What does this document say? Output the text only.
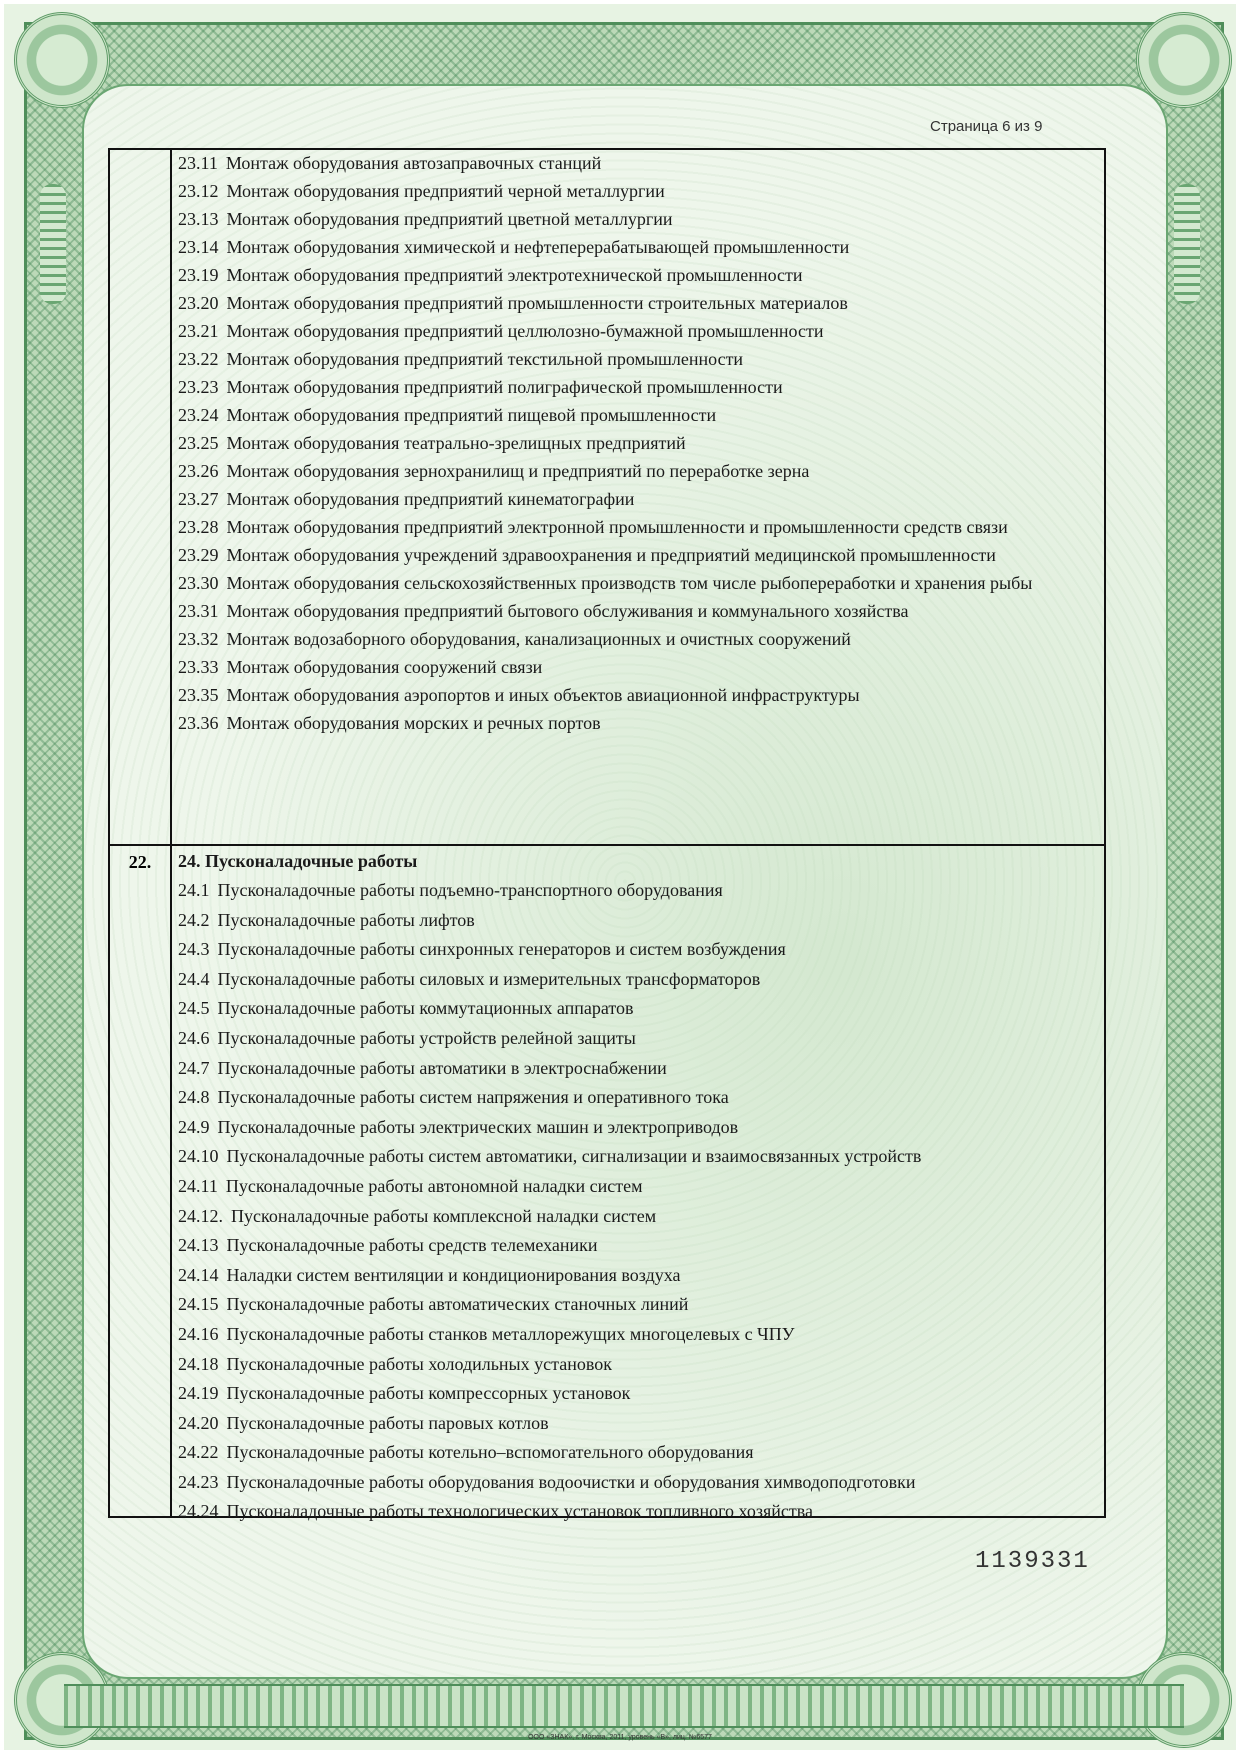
Страница 6 из 9
23.11 Монтаж оборудования автозаправочных станций
23.12 Монтаж оборудования предприятий черной металлургии
23.13 Монтаж оборудования предприятий цветной металлургии
23.14 Монтаж оборудования химической и нефтеперерабатывающей промышленности
23.19 Монтаж оборудования предприятий электротехнической промышленности
23.20 Монтаж оборудования предприятий промышленности строительных материалов
23.21 Монтаж оборудования предприятий целлюлозно-бумажной промышленности
23.22 Монтаж оборудования предприятий текстильной промышленности
23.23 Монтаж оборудования предприятий полиграфической промышленности
23.24 Монтаж оборудования предприятий пищевой промышленности
23.25 Монтаж оборудования театрально-зрелищных предприятий
23.26 Монтаж оборудования зернохранилищ и предприятий по переработке зерна
23.27 Монтаж оборудования предприятий кинематографии
23.28 Монтаж оборудования предприятий электронной промышленности и промышленности средств связи
23.29 Монтаж оборудования учреждений здравоохранения и предприятий медицинской промышленности
23.30 Монтаж оборудования сельскохозяйственных производств том числе рыбопереработки и хранения рыбы
23.31 Монтаж оборудования предприятий бытового обслуживания и коммунального хозяйства
23.32 Монтаж водозаборного оборудования, канализационных и очистных сооружений
23.33 Монтаж оборудования сооружений связи
23.35 Монтаж оборудования аэропортов и иных объектов авиационной инфраструктуры
23.36 Монтаж оборудования морских и речных портов
22.	24. Пусконаладочные работы
24.1 Пусконаладочные работы подъемно-транспортного оборудования
24.2 Пусконаладочные работы лифтов
24.3 Пусконаладочные работы синхронных генераторов и систем возбуждения
24.4 Пусконаладочные работы силовых и измерительных трансформаторов
24.5 Пусконаладочные работы коммутационных аппаратов
24.6 Пусконаладочные работы устройств релейной защиты
24.7 Пусконаладочные работы автоматики в электроснабжении
24.8 Пусконаладочные работы систем напряжения и оперативного тока
24.9 Пусконаладочные работы электрических машин и электроприводов
24.10 Пусконаладочные работы систем автоматики, сигнализации и взаимосвязанных устройств
24.11 Пусконаладочные работы автономной наладки систем
24.12. Пусконаладочные работы комплексной наладки систем
24.13 Пусконаладочные работы средств телемеханики
24.14 Наладки систем вентиляции и кондиционирования воздуха
24.15 Пусконаладочные работы автоматических станочных линий
24.16 Пусконаладочные работы станков металлорежущих многоцелевых с ЧПУ
24.18 Пусконаладочные работы холодильных установок
24.19 Пусконаладочные работы компрессорных установок
24.20 Пусконаладочные работы паровых котлов
24.22 Пусконаладочные работы котельно–вспомогательного оборудования
24.23 Пусконаладочные работы оборудования водоочистки и оборудования химводоподготовки
24.24 Пусконаладочные работы технологических установок топливного хозяйства
1139331
ООО «ЗНАК», г. Москва, 2011, уровень «В», лиц. №6577
